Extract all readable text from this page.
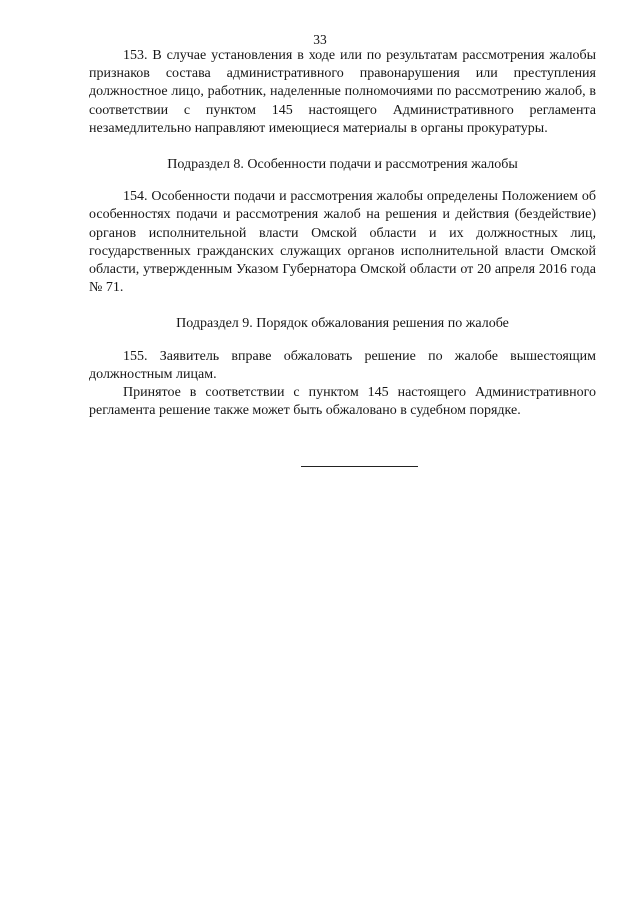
33

153. В случае установления в ходе или по результатам рассмотрения жалобы признаков состава административного правонарушения или преступления должностное лицо, работник, наделенные полномочиями по рассмотрению жалоб, в соответствии с пунктом 145 настоящего Административного регламента незамедлительно направляют имеющиеся материалы в органы прокуратуры.

Подраздел 8. Особенности подачи и рассмотрения жалобы

154. Особенности подачи и рассмотрения жалобы определены Положением об особенностях подачи и рассмотрения жалоб на решения и действия (бездействие) органов исполнительной власти Омской области и их должностных лиц, государственных гражданских служащих органов исполнительной власти Омской области, утвержденным Указом Губернатора Омской области от 20 апреля 2016 года № 71.

Подраздел 9. Порядок обжалования решения по жалобе

155. Заявитель вправе обжаловать решение по жалобе вышестоящим должностным лицам.

Принятое в соответствии с пунктом 145 настоящего Административного регламента решение также может быть обжаловано в судебном порядке.
